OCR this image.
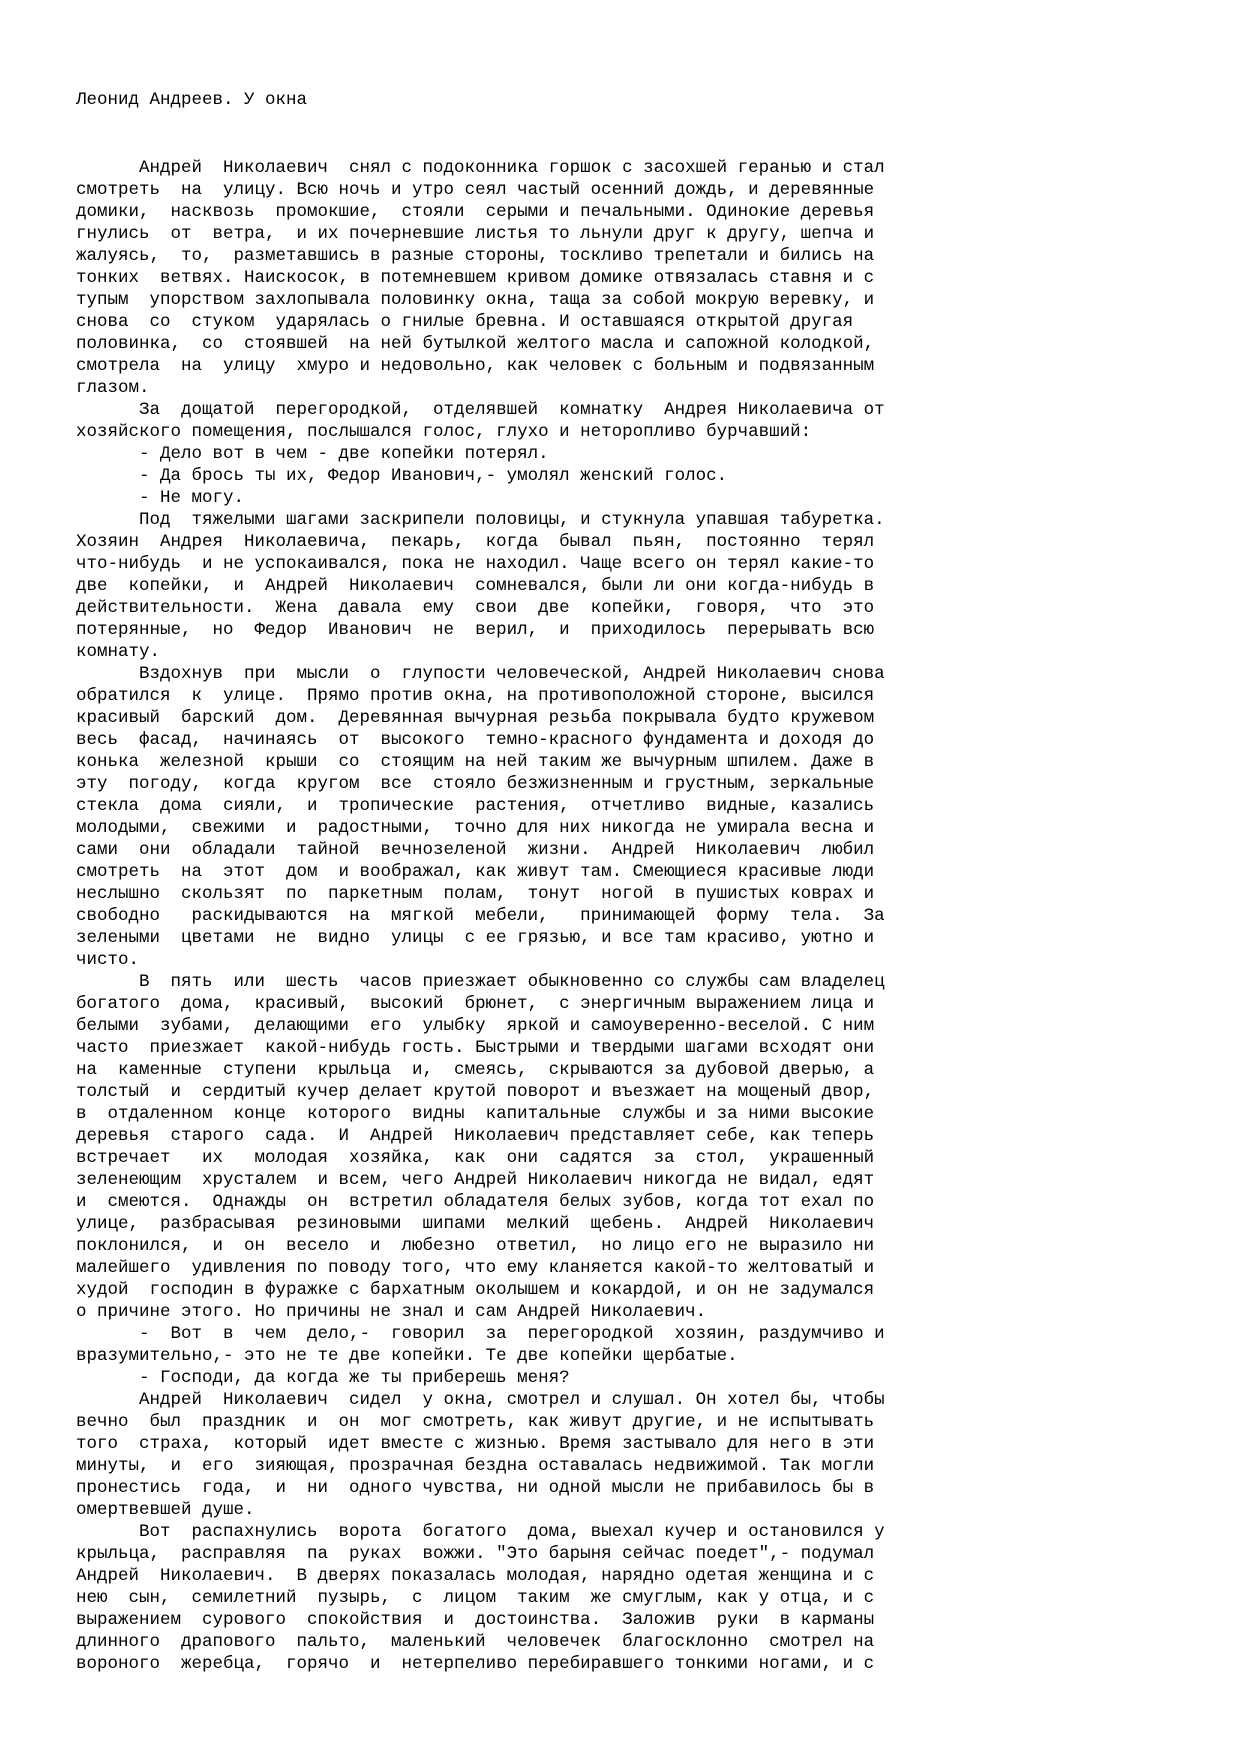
Леонид Андреев. У окна
Андрей  Николаевич  снял с подоконника горшок с засохшей геранью и стал
смотреть  на  улицу. Всю ночь и утро сеял частый осенний дождь, и деревянные
домики,  насквозь  промокшие,  стояли  серыми и печальными. Одинокие деревья
гнулись  от  ветра,  и их почерневшие листья то льнули друг к другу, шепча и
жалуясь,  то,  разметавшись в разные стороны, тоскливо трепетали и бились на
тонких  ветвях. Наискосок, в потемневшем кривом домике отвязалась ставня и с
тупым  упорством захлопывала половинку окна, таща за собой мокрую веревку, и
снова  со  стуком  ударялась о гнилые бревна. И оставшаяся открытой другая
половинка,  со  стоявшей  на ней бутылкой желтого масла и сапожной колодкой,
смотрела  на  улицу  хмуро и недовольно, как человек с больным и подвязанным
глазом.
За  дощатой  перегородкой,  отделявшей  комнатку  Андрея Николаевича от
хозяйского помещения, послышался голос, глухо и неторопливо бурчавший:
- Дело вот в чем - две копейки потерял.
- Да брось ты их, Федор Иванович,- умолял женский голос.
- Не могу.
Под  тяжелыми шагами заскрипели половицы, и стукнула упавшая табуретка.
Хозяин  Андрея  Николаевича,  пекарь,  когда  бывал  пьян,  постоянно  терял
что-нибудь  и не успокаивался, пока не находил. Чаще всего он терял какие-то
две  копейки,  и  Андрей  Николаевич  сомневался, были ли они когда-нибудь в
действительности.  Жена  давала  ему  свои  две  копейки,  говоря,  что  это
потерянные,  но  Федор  Иванович  не  верил,  и  приходилось  перерывать всю
комнату.
Вздохнув  при  мысли  о  глупости человеческой, Андрей Николаевич снова
обратился  к  улице.  Прямо против окна, на противоположной стороне, высился
красивый  барский  дом.  Деревянная вычурная резьба покрывала будто кружевом
весь  фасад,  начинаясь  от  высокого  темно-красного фундамента и доходя до
конька  железной  крыши  со  стоящим на ней таким же вычурным шпилем. Даже в
эту  погоду,  когда  кругом  все  стояло безжизненным и грустным, зеркальные
стекла  дома  сияли,  и  тропические  растения,  отчетливо  видные, казались
молодыми,  свежими  и  радостными,  точно для них никогда не умирала весна и
сами  они  обладали  тайной  вечнозеленой  жизни.  Андрей  Николаевич  любил
смотреть  на  этот  дом  и воображал, как живут там. Смеющиеся красивые люди
неслышно  скользят  по  паркетным  полам,  тонут  ногой  в пушистых коврах и
свободно   раскидываются  на  мягкой  мебели,   принимающей  форму  тела.  За
зелеными  цветами  не  видно  улицы  с ее грязью, и все там красиво, уютно и
чисто.
В  пять  или  шесть  часов приезжает обыкновенно со службы сам владелец
богатого  дома,  красивый,  высокий  брюнет,  с энергичным выражением лица и
белыми  зубами,  делающими  его  улыбку  яркой и самоуверенно-веселой. С ним
часто  приезжает  какой-нибудь гость. Быстрыми и твердыми шагами всходят они
на  каменные  ступени  крыльца  и,  смеясь,  скрываются за дубовой дверью, а
толстый  и  сердитый кучер делает крутой поворот и въезжает на мощеный двор,
в  отдаленном  конце  которого  видны  капитальные  службы и за ними высокие
деревья  старого  сада.  И  Андрей  Николаевич представляет себе, как теперь
встречает   их   молодая  хозяйка,  как  они  садятся  за  стол,  украшенный
зеленеющим  хрусталем  и всем, чего Андрей Николаевич никогда не видал, едят
и  смеются.  Однажды  он  встретил обладателя белых зубов, когда тот ехал по
улице,  разбрасывая  резиновыми  шипами  мелкий  щебень.  Андрей  Николаевич
поклонился,  и  он  весело  и  любезно  ответил,  но лицо его не выразило ни
малейшего  удивления по поводу того, что ему кланяется какой-то желтоватый и
худой  господин в фуражке с бархатным околышем и кокардой, и он не задумался
о причине этого. Но причины не знал и сам Андрей Николаевич.
-  Вот  в  чем  дело,-  говорил  за  перегородкой  хозяин, раздумчиво и
вразумительно,- это не те две копейки. Те две копейки щербатые.
- Господи, да когда же ты приберешь меня?
Андрей  Николаевич  сидел  у окна, смотрел и слушал. Он хотел бы, чтобы
вечно  был  праздник  и  он  мог смотреть, как живут другие, и не испытывать
того  страха,  который  идет вместе с жизнью. Время застывало для него в эти
минуты,  и  его  зияющая, прозрачная бездна оставалась недвижимой. Так могли
пронестись  года,  и  ни  одного чувства, ни одной мысли не прибавилось бы в
омертвевшей душе.
Вот  распахнулись  ворота  богатого  дома, выехал кучер и остановился у
крыльца,  расправляя  па  руках  вожжи. "Это барыня сейчас поедет",- подумал
Андрей  Николаевич.  В дверях показалась молодая, нарядно одетая женщина и с
нею  сын,  семилетний  пузырь,  с  лицом  таким  же смуглым, как у отца, и с
выражением  сурового  спокойствия  и  достоинства.  Заложив  руки  в карманы
длинного  драпового  пальто,  маленький  человечек  благосклонно  смотрел на
вороного  жеребца,  горячо  и  нетерпеливо перебиравшего тонкими ногами, и с
